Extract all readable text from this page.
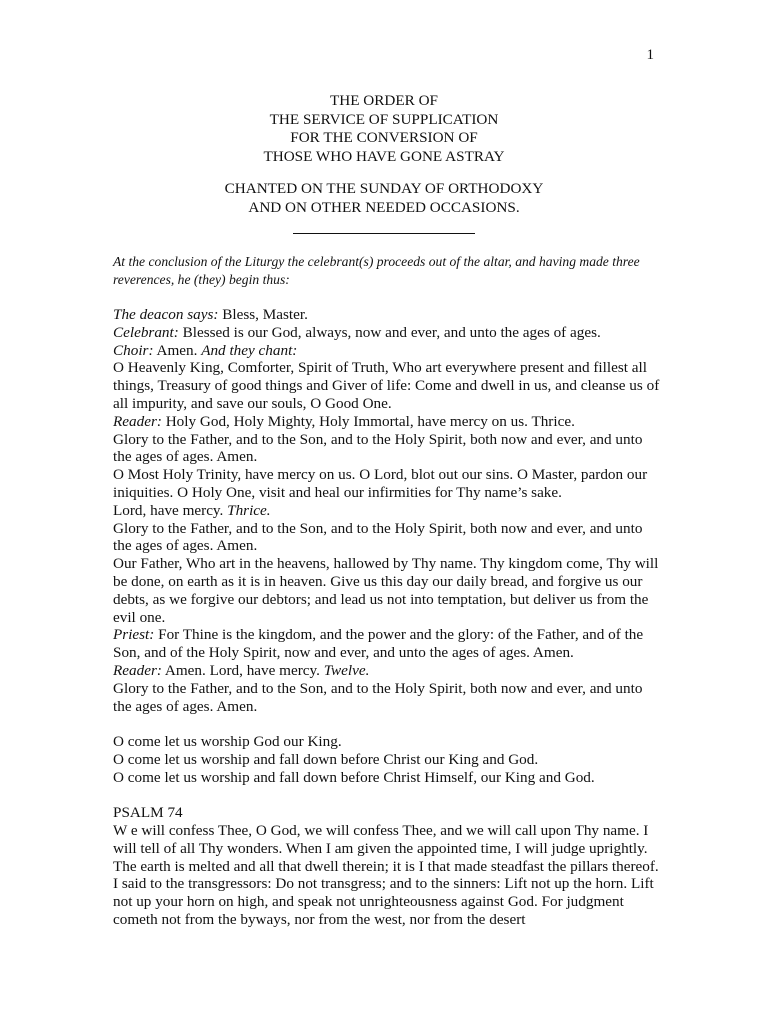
1
THE ORDER OF
THE SERVICE OF SUPPLICATION
FOR THE CONVERSION OF
THOSE WHO HAVE GONE ASTRAY
CHANTED ON THE SUNDAY OF ORTHODOXY
AND ON OTHER NEEDED OCCASIONS.

At the conclusion of the Liturgy the celebrant(s) proceeds out of the altar, and having made three reverences, he (they) begin thus:

The deacon says: Bless, Master.

Celebrant: Blessed is our God, always, now and ever, and unto the ages of ages.

Choir: Amen. And they chant:

O Heavenly King, Comforter, Spirit of Truth, Who art everywhere present and fillest all things, Treasury of good things and Giver of life: Come and dwell in us, and cleanse us of all impurity, and save our souls, O Good One.

Reader: Holy God, Holy Mighty, Holy Immortal, have mercy on us. Thrice.

Glory to the Father, and to the Son, and to the Holy Spirit, both now and ever, and unto the ages of ages. Amen.

O Most Holy Trinity, have mercy on us. O Lord, blot out our sins. O Master, pardon our iniquities. O Holy One, visit and heal our infirmities for Thy name’s sake.

Lord, have mercy. Thrice.

Glory to the Father, and to the Son, and to the Holy Spirit, both now and ever, and unto the ages of ages. Amen.

Our Father, Who art in the heavens, hallowed by Thy name. Thy kingdom come, Thy will be done, on earth as it is in heaven. Give us this day our daily bread, and forgive us our debts, as we forgive our debtors; and lead us not into temptation, but deliver us from the evil one.

Priest: For Thine is the kingdom, and the power and the glory: of the Father, and of the Son, and of the Holy Spirit, now and ever, and unto the ages of ages. Amen.

Reader: Amen. Lord, have mercy. Twelve.

Glory to the Father, and to the Son, and to the Holy Spirit, both now and ever, and unto the ages of ages. Amen.

O come let us worship God our King.

O come let us worship and fall down before Christ our King and God.

O come let us worship and fall down before Christ Himself, our King and God.

PSALM 74

W e will confess Thee, O God, we will confess Thee, and we will call upon Thy name. I will tell of all Thy wonders. When I am given the appointed time, I will judge uprightly. The earth is melted and all that dwell therein; it is I that made steadfast the pillars thereof. I said to the transgressors: Do not transgress; and to the sinners: Lift not up the horn. Lift not up your horn on high, and speak not unrighteousness against God. For judgment cometh not from the byways, nor from the west, nor from the desert
